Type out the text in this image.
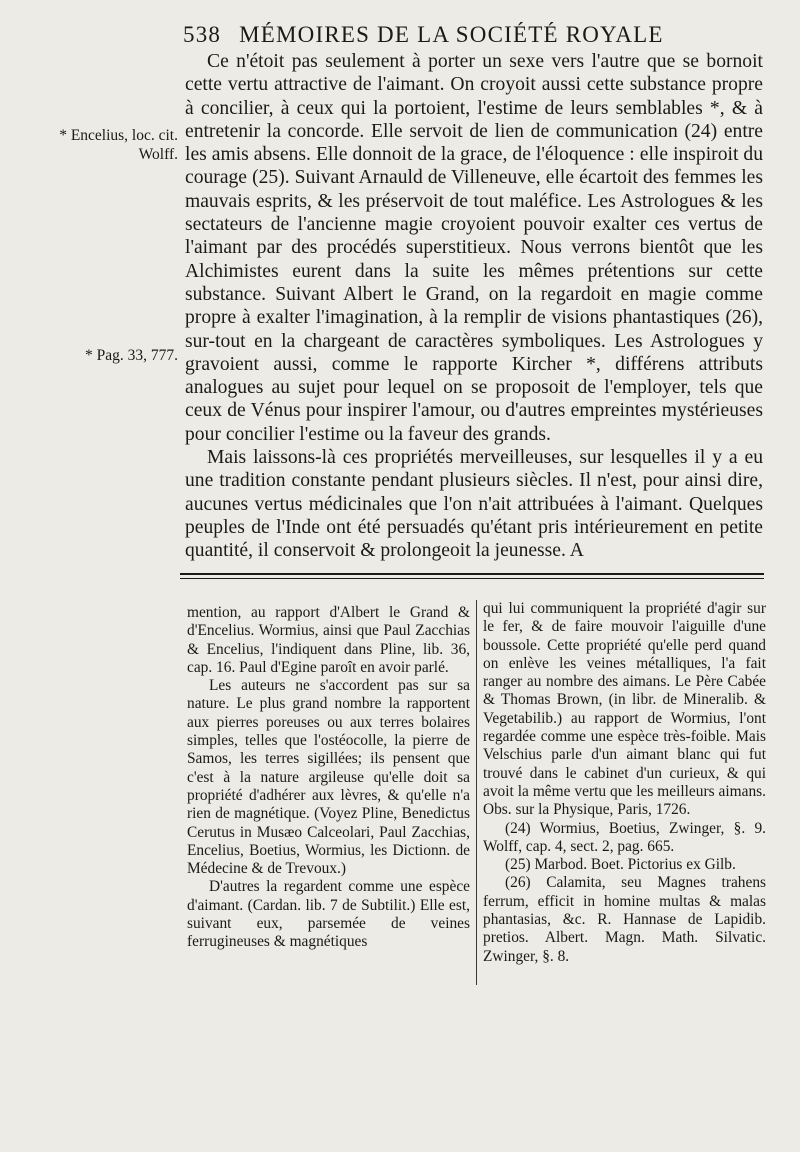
538 MÉMOIRES DE LA SOCIÉTÉ ROYALE
* Encelius, loc. cit. Wolff.
* Pag. 33, 777.

Ce n'étoit pas seulement à porter un sexe vers l'autre que se bornoit cette vertu attractive de l'aimant. On croyoit aussi cette substance propre à concilier, à ceux qui la portoient, l'estime de leurs semblables *, & à entretenir la concorde. Elle servoit de lien de communication (24) entre les amis absens. Elle donnoit de la grace, de l'éloquence : elle inspiroit du courage (25). Suivant Arnauld de Villeneuve, elle écartoit des femmes les mauvais esprits, & les préservoit de tout maléfice. Les Astrologues & les sectateurs de l'ancienne magie croyoient pouvoir exalter ces vertus de l'aimant par des procédés superstitieux. Nous verrons bientôt que les Alchimistes eurent dans la suite les mêmes prétentions sur cette substance. Suivant Albert le Grand, on la regardoit en magie comme propre à exalter l'imagination, à la remplir de visions phantastiques (26), sur-tout en la chargeant de caractères symboliques. Les Astrologues y gravoient aussi, comme le rapporte Kircher *, différens attributs analogues au sujet pour lequel on se proposoit de l'employer, tels que ceux de Vénus pour inspirer l'amour, ou d'autres empreintes mystérieuses pour concilier l'estime ou la faveur des grands.

Mais laissons-là ces propriétés merveilleuses, sur lesquelles il y a eu une tradition constante pendant plusieurs siècles. Il n'est, pour ainsi dire, aucunes vertus médicinales que l'on n'ait attribuées à l'aimant. Quelques peuples de l'Inde ont été persuadés qu'étant pris intérieurement en petite quantité, il conservoit & prolongeoit la jeunesse. A

mention, au rapport d'Albert le Grand & d'Encelius. Wormius, ainsi que Paul Zacchias & Encelius, l'indiquent dans Pline, lib. 36, cap. 16. Paul d'Egine paroît en avoir parlé.

Les auteurs ne s'accordent pas sur sa nature. Le plus grand nombre la rapportent aux pierres poreuses ou aux terres bolaires simples, telles que l'ostéocolle, la pierre de Samos, les terres sigillées; ils pensent que c'est à la nature argileuse qu'elle doit sa propriété d'adhérer aux lèvres, & qu'elle n'a rien de magnétique. (Voyez Pline, Benedictus Cerutus in Musæo Calceolari, Paul Zacchias, Encelius, Boetius, Wormius, les Dictionn. de Médecine & de Trevoux.)

D'autres la regardent comme une espèce d'aimant. (Cardan. lib. 7 de Subtilit.) Elle est, suivant eux, parsemée de veines ferrugineuses & magnétiques

qui lui communiquent la propriété d'agir sur le fer, & de faire mouvoir l'aiguille d'une boussole. Cette propriété qu'elle perd quand on enlève les veines métalliques, l'a fait ranger au nombre des aimans. Le Père Cabée & Thomas Brown, (in libr. de Mineralib. & Vegetabilib.) au rapport de Wormius, l'ont regardée comme une espèce très-foible. Mais Velschius parle d'un aimant blanc qui fut trouvé dans le cabinet d'un curieux, & qui avoit la même vertu que les meilleurs aimans. Obs. sur la Physique, Paris, 1726.

(24) Wormius, Boetius, Zwinger, §. 9. Wolff, cap. 4, sect. 2, pag. 665.

(25) Marbod. Boet. Pictorius ex Gilb.

(26) Calamita, seu Magnes trahens ferrum, efficit in homine multas & malas phantasias, &c. R. Hannase de Lapidib. pretios. Albert. Magn. Math. Silvatic. Zwinger, §. 8.
